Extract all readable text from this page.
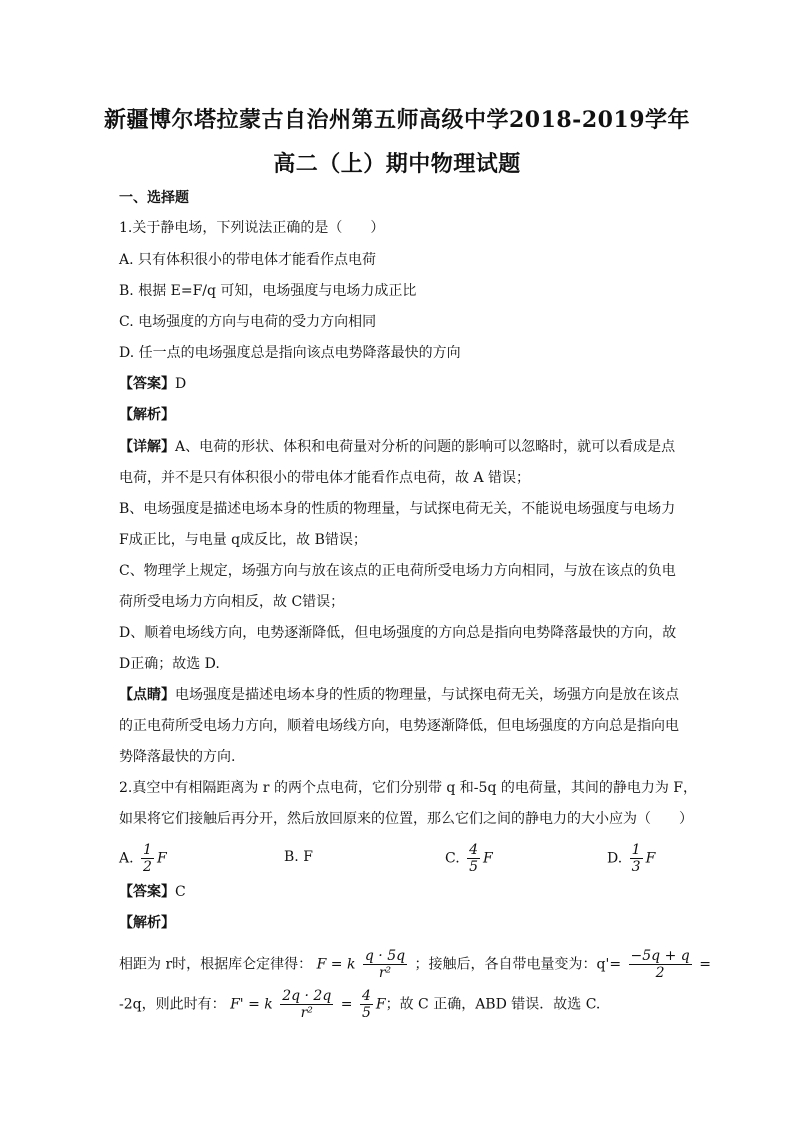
新疆博尔塔拉蒙古自治州第五师高级中学2018-2019学年
高二（上）期中物理试题
一、选择题
1.关于静电场，下列说法正确的是（　　）
A. 只有体积很小的带电体才能看作点电荷
B. 根据 E=F/q 可知，电场强度与电场力成正比
C. 电场强度的方向与电荷的受力方向相同
D. 任一点的电场强度总是指向该点电势降落最快的方向
【答案】D
【解析】
【详解】A、电荷的形状、体积和电荷量对分析的问题的影响可以忽略时，就可以看成是点
电荷，并不是只有体积很小的带电体才能看作点电荷，故 A 错误；
B、电场强度是描述电场本身的性质的物理量，与试探电荷无关，不能说电场强度与电场力
F成正比，与电量 q成反比，故 B错误；
C、物理学上规定，场强方向与放在该点的正电荷所受电场力方向相同，与放在该点的负电
荷所受电场力方向相反，故 C错误；
D、顺着电场线方向，电势逐渐降低，但电场强度的方向总是指向电势降落最快的方向，故
D正确；故选 D.
【点睛】电场强度是描述电场本身的性质的物理量，与试探电荷无关，场强方向是放在该点
的正电荷所受电场力方向，顺着电场线方向，电势逐渐降低，但电场强度的方向总是指向电
势降落最快的方向.
2.真空中有相隔距离为 r 的两个点电荷，它们分别带 q 和-5q 的电荷量，其间的静电力为 F，
如果将它们接触后再分开，然后放回原来的位置，那么它们之间的静电力的大小应为（　　）
A. $\frac{1}{2}$ F	B. F	C. $\frac{4}{5}$ F	D. $\frac{1}{3}$ F
【答案】C
【解析】
相距为 r时，根据库仑定律得： F = k $\frac{q \cdot 5q}{\text{r²}}$ ；接触后，各自带电量变为：$q'= \frac{-5q + q}{2}$ =
-2q，则此时有： F' = k $\frac{2q \cdot 2q}{\text{r²}} = \frac{4}{5}$ F；故 C 正确，ABD 错误．故选 C.
